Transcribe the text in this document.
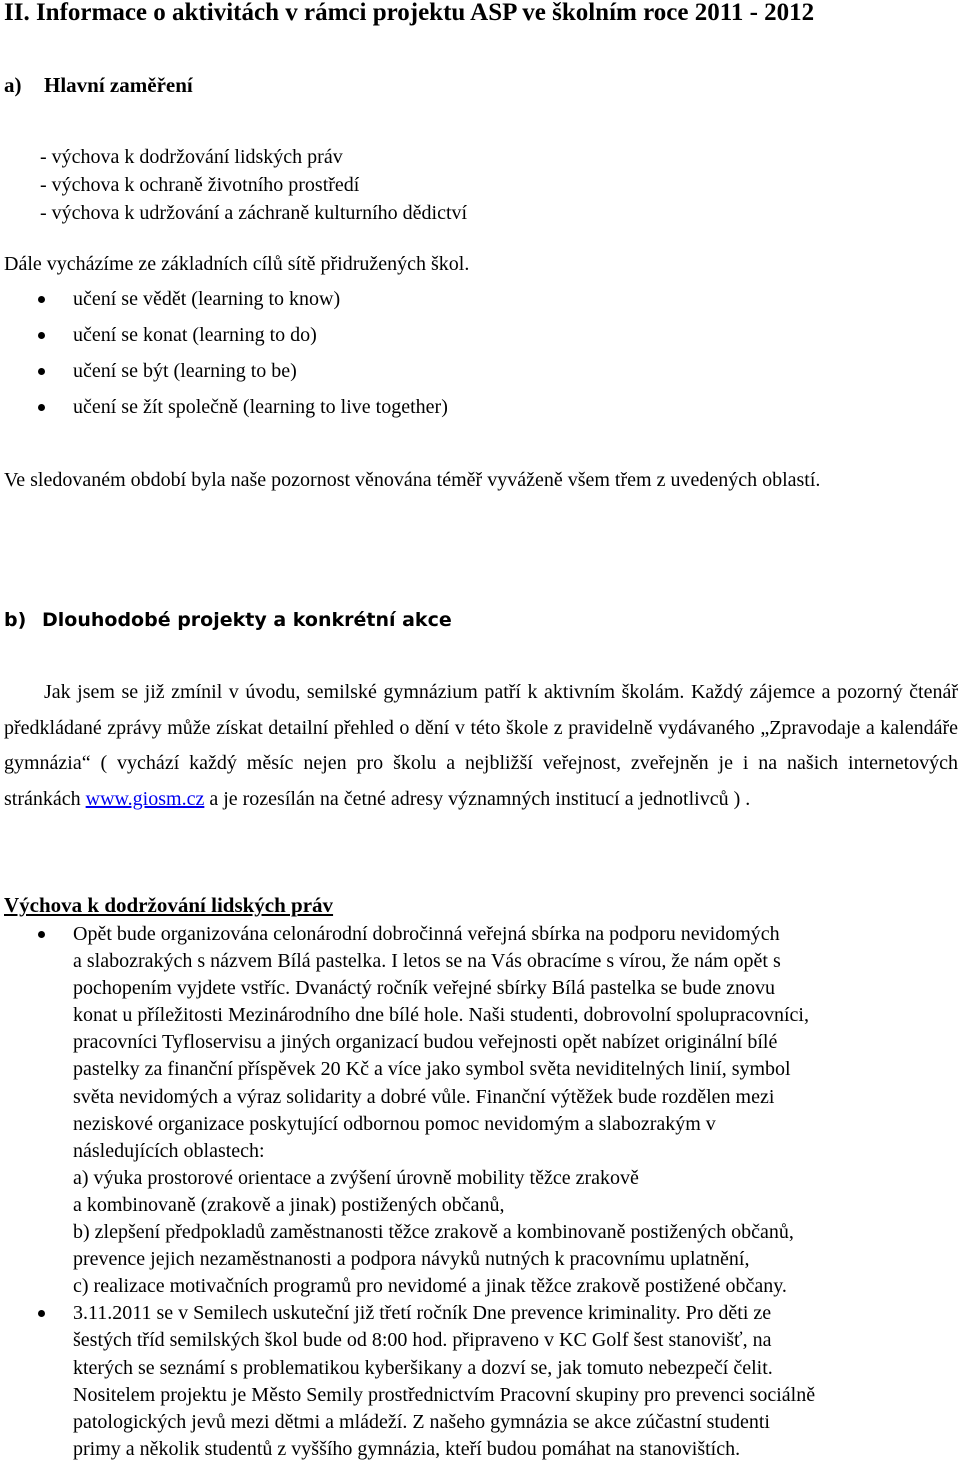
II. Informace o aktivitách v rámci projektu ASP ve školním roce 2011 - 2012
a) Hlavní zaměření
- výchova k dodržování lidských práv
- výchova k ochraně životního prostředí
- výchova k udržování a záchraně kulturního dědictví

Dále vycházíme ze základních cílů sítě přidružených škol.

učení se vědět (learning to know)
učení se konat (learning to do)
učení se být (learning to be)
učení se žít společně (learning to live together)

Ve sledovaném období byla naše pozornost věnována téměř vyváženě všem třem z uvedených oblastí.

b) Dlouhodobé projekty a konkrétní akce

Jak jsem se již zmínil v úvodu, semilské gymnázium patří k aktivním školám. Každý zájemce a pozorný čtenář předkládané zprávy může získat detailní přehled o dění v této škole z pravidelně vydávaného „Zpravodaje a kalendáře gymnázia“ ( vychází každý měsíc nejen pro školu a nejbližší veřejnost, zveřejněn je i na našich internetových stránkách www.giosm.cz a je rozesílán na četné adresy významných institucí a jednotlivců ) .

Výchova k dodržování lidských práv
Opět bude organizována celonárodní dobročinná veřejná sbírka na podporu nevidomých
a slabozrakých s názvem Bílá pastelka. I letos se na Vás obracíme s vírou, že nám opět s
pochopením vyjdete vstříc. Dvanáctý ročník veřejné sbírky Bílá pastelka se bude znovu
konat u příležitosti Mezinárodního dne bílé hole. Naši studenti, dobrovolní spolupracovníci,
pracovníci Tyfloservisu a jiných organizací budou veřejnosti opět nabízet originální bílé
pastelky za finanční příspěvek 20 Kč a více jako symbol světa neviditelných linií, symbol
světa nevidomých a výraz solidarity a dobré vůle. Finanční výtěžek bude rozdělen mezi
neziskové organizace poskytující odbornou pomoc nevidomým a slabozrakým v
následujících oblastech:
a) výuka prostorové orientace a zvýšení úrovně mobility těžce zrakově
a kombinovaně (zrakově a jinak) postižených občanů,
b) zlepšení předpokladů zaměstnanosti těžce zrakově a kombinovaně postižených občanů,
prevence jejich nezaměstnanosti a podpora návyků nutných k pracovnímu uplatnění,
c) realizace motivačních programů pro nevidomé a jinak těžce zrakově postižené občany.
3.11.2011 se v Semilech uskuteční již třetí ročník Dne prevence kriminality. Pro děti ze
šestých tříd semilských škol bude od 8:00 hod. připraveno v KC Golf šest stanovišť, na
kterých se seznámí s problematikou kyberšikany a dozví se, jak tomuto nebezpečí čelit.
Nositelem projektu je Město Semily prostřednictvím Pracovní skupiny pro prevenci sociálně
patologických jevů mezi dětmi a mládeží. Z našeho gymnázia se akce zúčastní studenti
primy a několik studentů z vyššího gymnázia, kteří budou pomáhat na stanovištích.
